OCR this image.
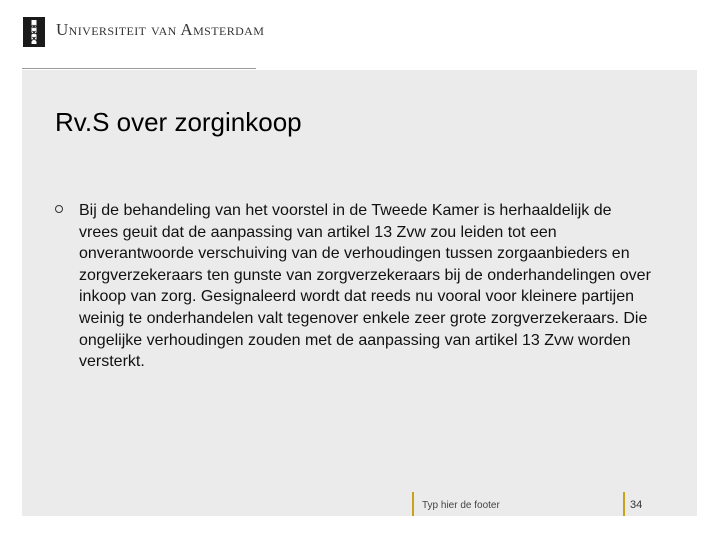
Universiteit van Amsterdam
Rv.S over zorginkoop
Bij de behandeling van het voorstel in de Tweede Kamer is herhaaldelijk de vrees geuit dat de aanpassing van artikel 13 Zvw zou leiden tot een onverantwoorde verschuiving van de verhoudingen tussen zorgaanbieders en zorgverzekeraars ten gunste van zorgverzekeraars bij de onderhandelingen over inkoop van zorg. Gesignaleerd wordt dat reeds nu vooral voor kleinere partijen weinig te onderhandelen valt tegenover enkele zeer grote zorgverzekeraars. Die ongelijke verhoudingen zouden met de aanpassing van artikel 13 Zvw worden versterkt.
Typ hier de footer	34
